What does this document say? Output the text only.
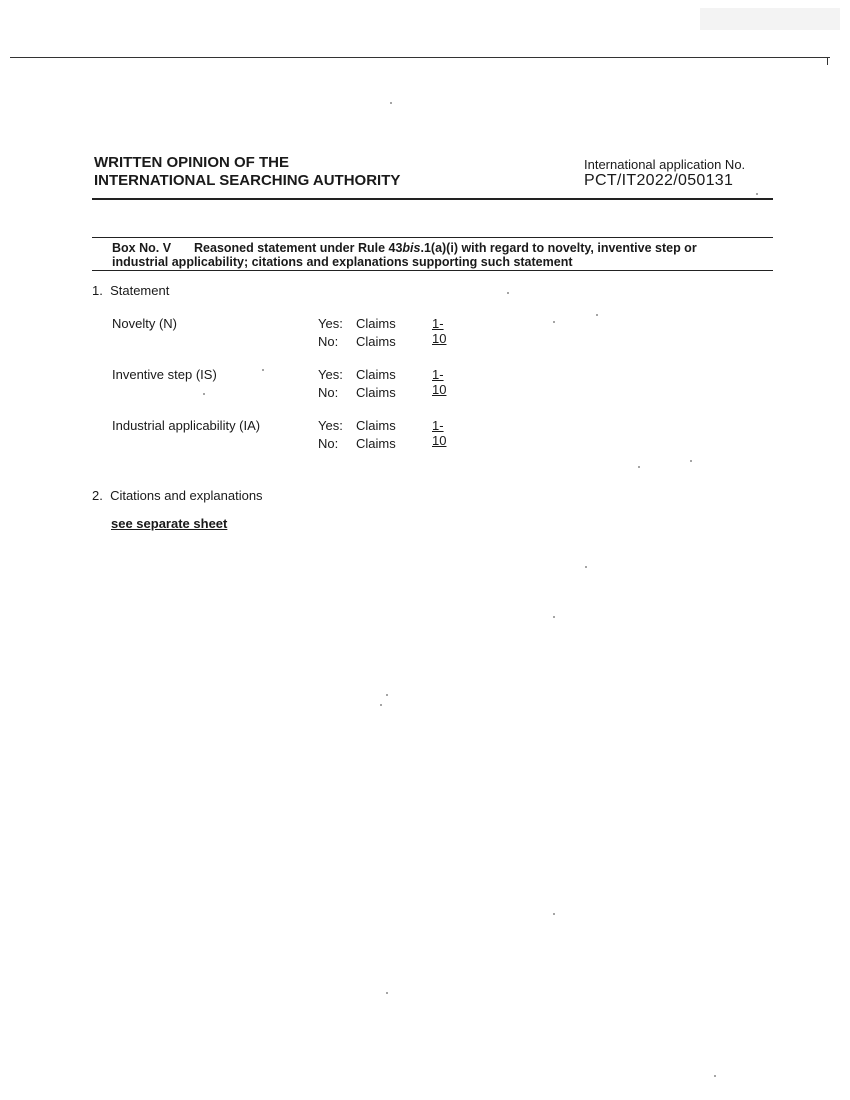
WRITTEN OPINION OF THE
INTERNATIONAL SEARCHING AUTHORITY
International application No.
PCT/IT2022/050131
Box No. V Reasoned statement under Rule 43bis.1(a)(i) with regard to novelty, inventive step or
industrial applicability; citations and explanations supporting such statement
1.  Statement
Novelty (N)	Yes: Claims	1-10
No: Claims
Inventive step (IS)	Yes: Claims	1-10
No: Claims
Industrial applicability (IA)	Yes: Claims	1-10
No: Claims
2.  Citations and explanations
see separate sheet
